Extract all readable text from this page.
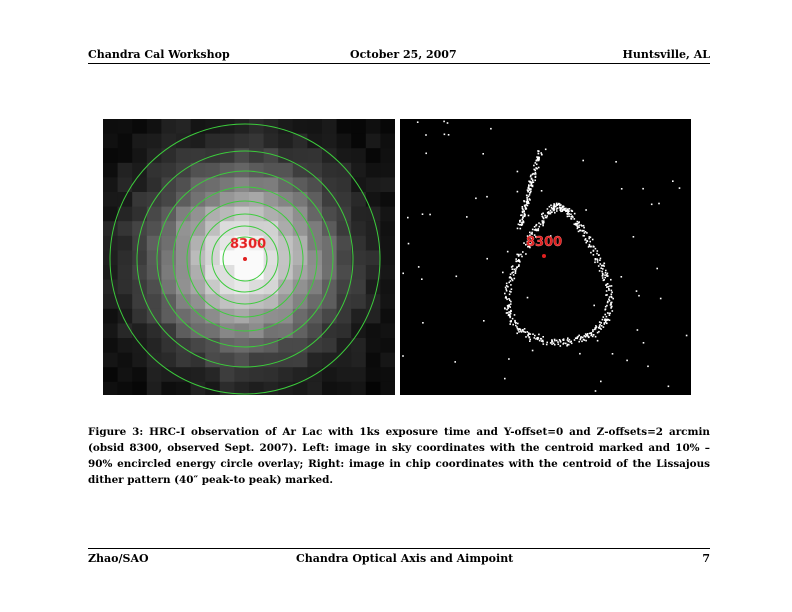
Chandra Cal Workshop	October 25, 2007	Huntsville, AL
8300	8300
Figure 3: HRC-I observation of Ar Lac with 1ks exposure time and Y-offset=0 and Z-offsets=2 arcmin (obsid 8300, observed Sept. 2007). Left: image in sky coordinates with the centroid marked and 10% – 90% encircled energy circle overlay; Right: image in chip coordinates with the centroid of the Lissajous dither pattern (40″ peak-to peak) marked.
Zhao/SAO	Chandra Optical Axis and Aimpoint	7
